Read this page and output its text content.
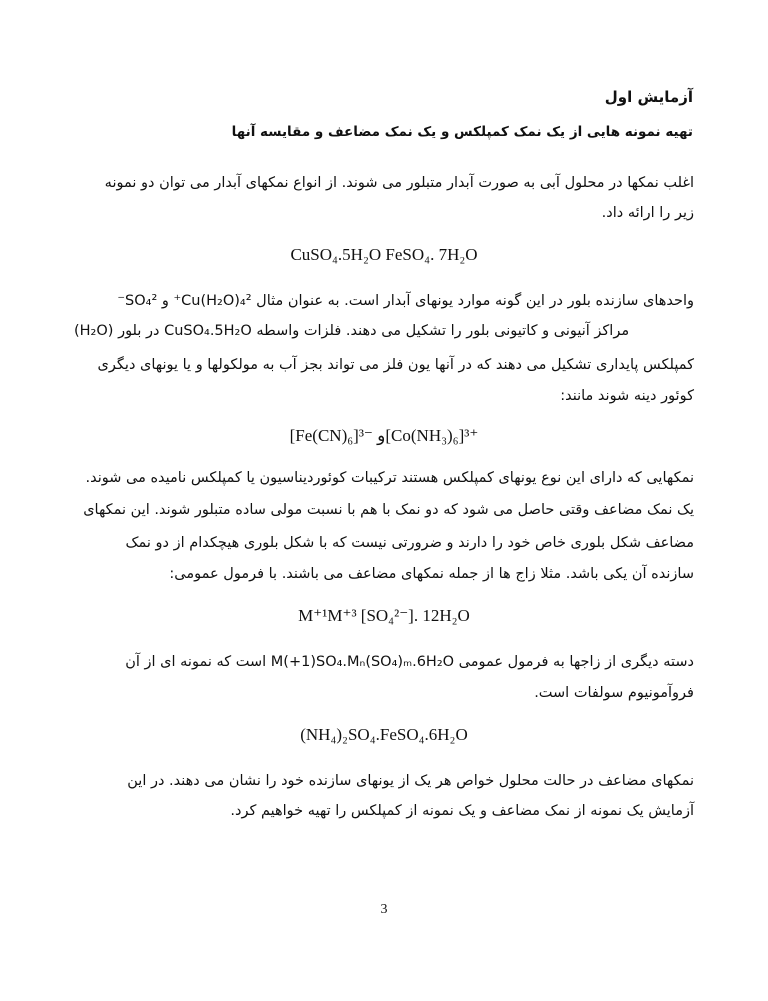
آزمایش اول
تهیه نمونه هایی از یک نمک کمپلکس و یک نمک مضاعف و مقایسه آنها
اغلب نمکها در محلول آبی به صورت آبدار متبلور می شوند. از انواع نمکهای آبدار می توان دو نمونه
زیر را ارائه داد.
CuSO₄.5H₂O FeSO₄. 7H₂O
واحدهای سازنده بلور در این گونه موارد یونهای آبدار است. به عنوان مثال Cu(H₂O)₄²⁺ و SO₄²⁻
(H₂O) در بلور CuSO₄.5H₂O مراکز آنیونی و کاتیونی بلور را تشکیل می دهند. فلزات واسطه
کمپلکس پایداری تشکیل می دهند که در آنها یون فلز می تواند بجز آب به مولکولها و یا یونهای دیگری
کوئور دینه شوند مانند:
[Fe(CN)₆]³⁻ و[Co(NH₃)₆]³⁺
نمکهایی که دارای این نوع یونهای کمپلکس هستند ترکیبات کوئوردیناسیون یا کمپلکس نامیده می شوند.
یک نمک مضاعف وقتی حاصل می شود که دو نمک با هم با نسبت مولی ساده متبلور شوند. این نمکهای
مضاعف شکل بلوری خاص خود را دارند و ضرورتی نیست که با شکل بلوری هیچکدام از دو نمک
سازنده آن یکی باشد. مثلا زاج ها از جمله نمکهای مضاعف می باشند. با فرمول عمومی:
M⁺¹M⁺³ [SO₄²⁻]. 12H₂O
دسته دیگری از زاجها به فرمول عمومی M(+1)SO₄.Mₙ(SO₄)ₘ.6H₂O است که نمونه ای از آن
فروآمونیوم سولفات است.
(NH₄)₂SO₄.FeSO₄.6H₂O
نمکهای مضاعف در حالت محلول خواص هر یک از یونهای سازنده خود را نشان می دهند. در این
آزمایش یک نمونه از نمک مضاعف و یک نمونه از کمپلکس را تهیه خواهیم کرد.
3
